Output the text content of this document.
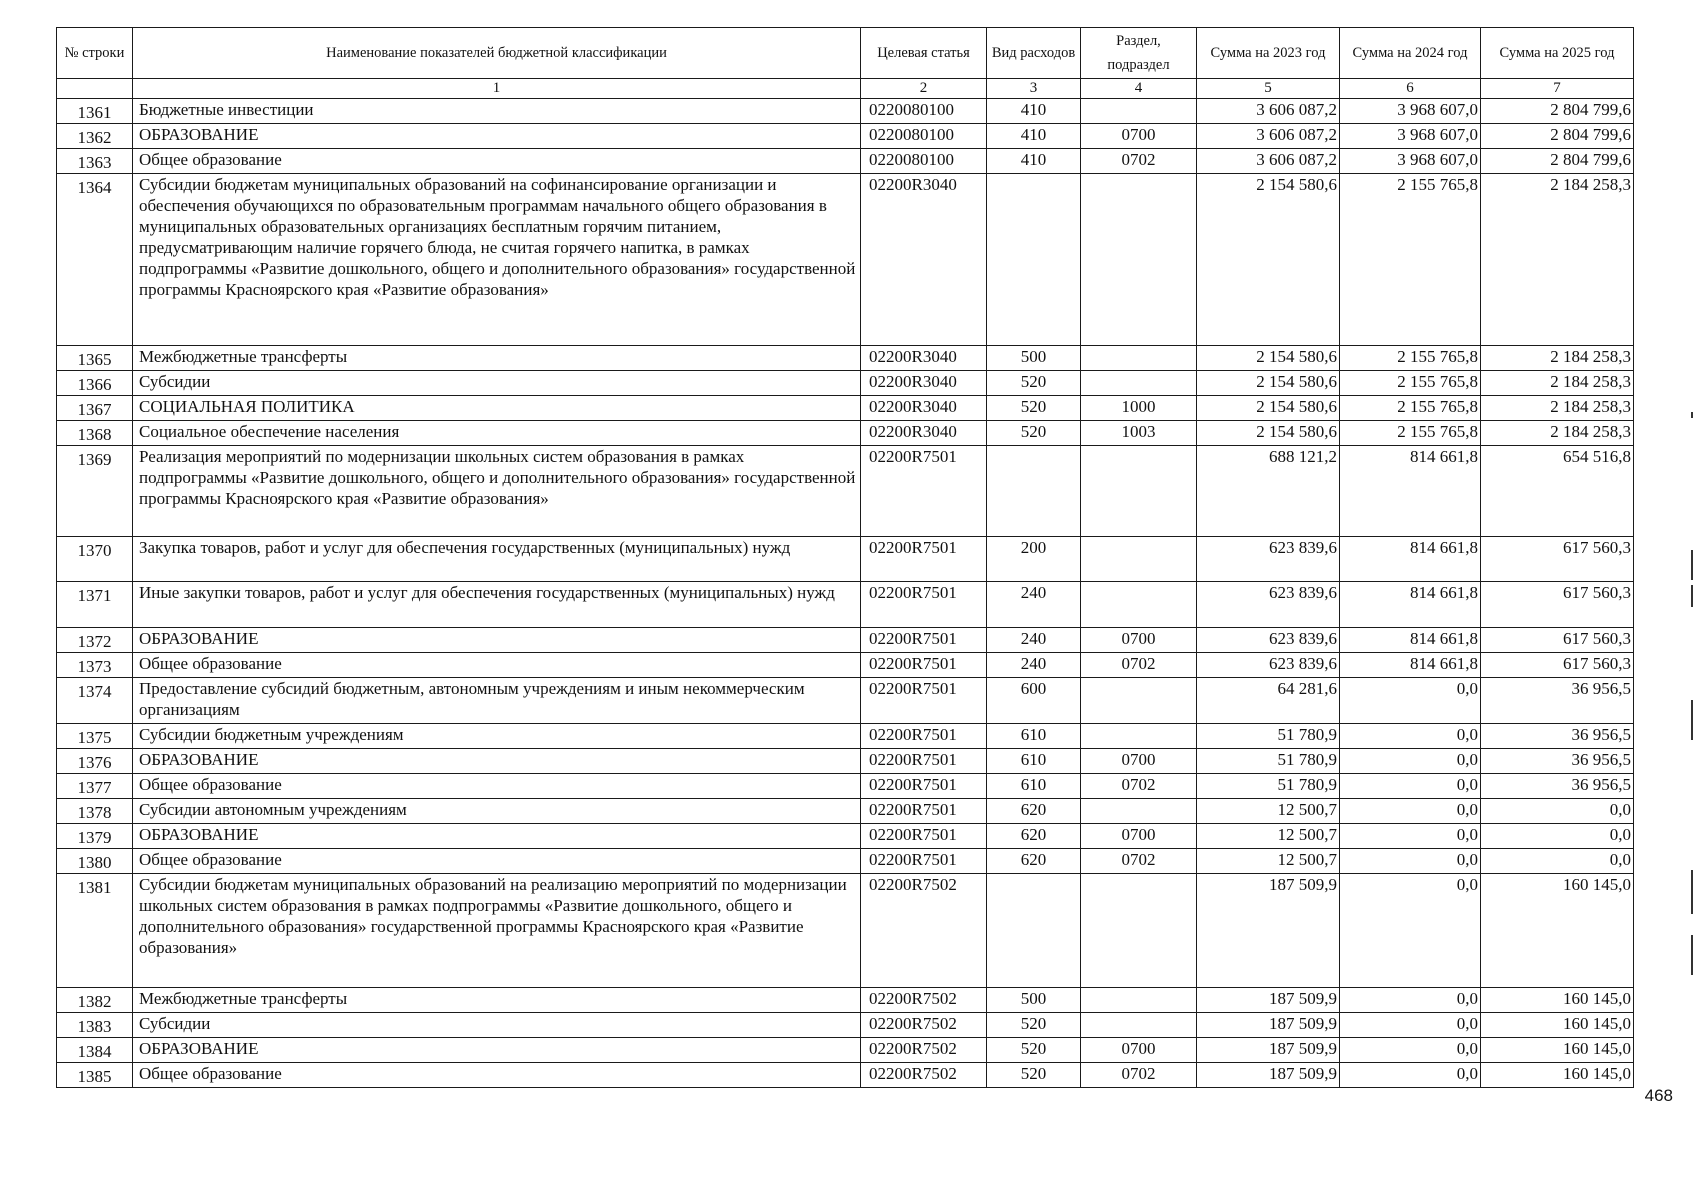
№ строки	Наименование показателей бюджетной классификации	Целевая статья	Вид расходов	Раздел, подраздел	Сумма на 2023 год	Сумма на 2024 год	Сумма на 2025 год
	1	2	3	4	5	6	7
1361	Бюджетные инвестиции	0220080100	410		3 606 087,2	3 968 607,0	2 804 799,6
1362	ОБРАЗОВАНИЕ	0220080100	410	0700	3 606 087,2	3 968 607,0	2 804 799,6
1363	Общее образование	0220080100	410	0702	3 606 087,2	3 968 607,0	2 804 799,6
1364	Субсидии бюджетам муниципальных образований на софинансирование организации и обеспечения обучающихся по образовательным программам начального общего образования в муниципальных образовательных организациях бесплатным горячим питанием, предусматривающим наличие горячего блюда, не считая горячего напитка, в рамках подпрограммы «Развитие дошкольного, общего и дополнительного образования» государственной программы Красноярского края «Развитие образования»	02200R3040			2 154 580,6	2 155 765,8	2 184 258,3
1365	Межбюджетные трансферты	02200R3040	500		2 154 580,6	2 155 765,8	2 184 258,3
1366	Субсидии	02200R3040	520		2 154 580,6	2 155 765,8	2 184 258,3
1367	СОЦИАЛЬНАЯ ПОЛИТИКА	02200R3040	520	1000	2 154 580,6	2 155 765,8	2 184 258,3
1368	Социальное обеспечение населения	02200R3040	520	1003	2 154 580,6	2 155 765,8	2 184 258,3
1369	Реализация мероприятий по модернизации школьных систем образования в рамках подпрограммы «Развитие дошкольного, общего и дополнительного образования» государственной программы Красноярского края «Развитие образования»	02200R7501			688 121,2	814 661,8	654 516,8
1370	Закупка товаров, работ и услуг для обеспечения государственных (муниципальных) нужд	02200R7501	200		623 839,6	814 661,8	617 560,3
1371	Иные закупки товаров, работ и услуг для обеспечения государственных (муниципальных) нужд	02200R7501	240		623 839,6	814 661,8	617 560,3
1372	ОБРАЗОВАНИЕ	02200R7501	240	0700	623 839,6	814 661,8	617 560,3
1373	Общее образование	02200R7501	240	0702	623 839,6	814 661,8	617 560,3
1374	Предоставление субсидий бюджетным, автономным учреждениям и иным некоммерческим организациям	02200R7501	600		64 281,6	0,0	36 956,5
1375	Субсидии бюджетным учреждениям	02200R7501	610		51 780,9	0,0	36 956,5
1376	ОБРАЗОВАНИЕ	02200R7501	610	0700	51 780,9	0,0	36 956,5
1377	Общее образование	02200R7501	610	0702	51 780,9	0,0	36 956,5
1378	Субсидии автономным учреждениям	02200R7501	620		12 500,7	0,0	0,0
1379	ОБРАЗОВАНИЕ	02200R7501	620	0700	12 500,7	0,0	0,0
1380	Общее образование	02200R7501	620	0702	12 500,7	0,0	0,0
1381	Субсидии бюджетам муниципальных образований на реализацию мероприятий по модернизации школьных систем образования в рамках подпрограммы «Развитие дошкольного, общего и дополнительного образования» государственной программы Красноярского края «Развитие образования»	02200R7502			187 509,9	0,0	160 145,0
1382	Межбюджетные трансферты	02200R7502	500		187 509,9	0,0	160 145,0
1383	Субсидии	02200R7502	520		187 509,9	0,0	160 145,0
1384	ОБРАЗОВАНИЕ	02200R7502	520	0700	187 509,9	0,0	160 145,0
1385	Общее образование	02200R7502	520	0702	187 509,9	0,0	160 145,0
468
